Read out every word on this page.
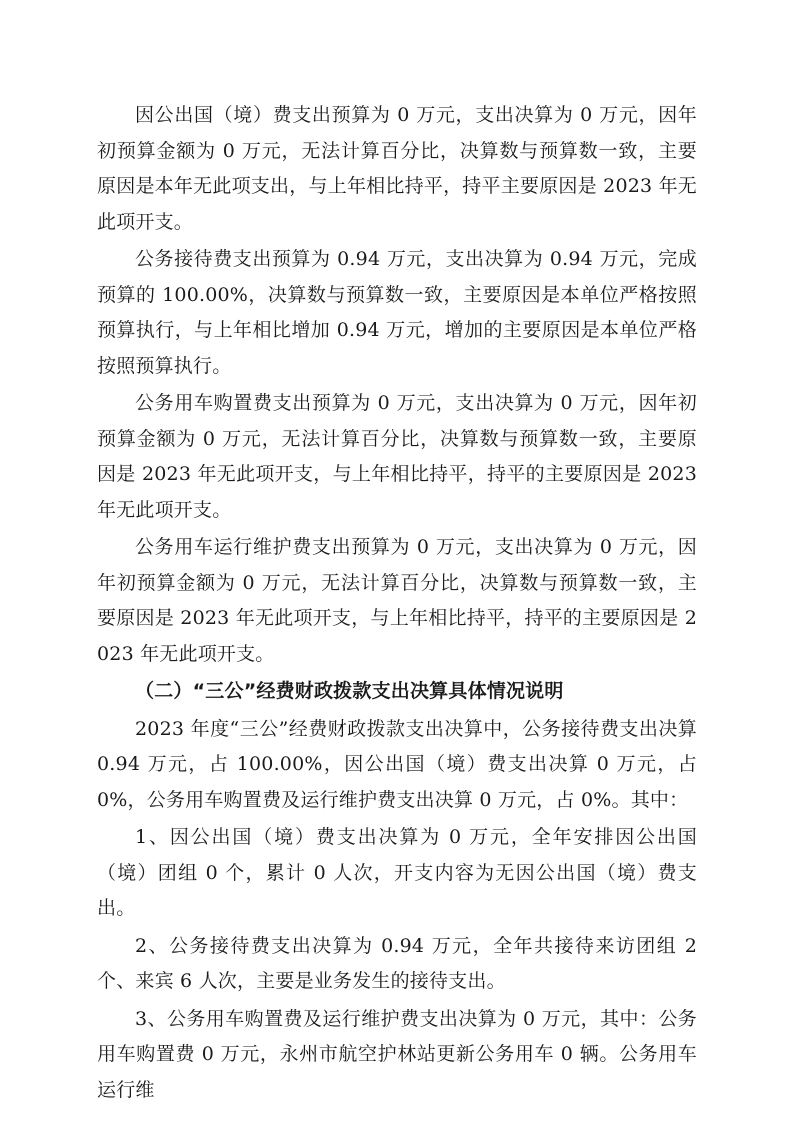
因公出国（境）费支出预算为 0 万元，支出决算为 0 万元，因年初预算金额为 0 万元，无法计算百分比，决算数与预算数一致，主要原因是本年无此项支出，与上年相比持平，持平主要原因是 2023 年无此项开支。

公务接待费支出预算为 0.94 万元，支出决算为 0.94 万元，完成预算的 100.00%，决算数与预算数一致，主要原因是本单位严格按照预算执行，与上年相比增加 0.94 万元，增加的主要原因是本单位严格按照预算执行。

公务用车购置费支出预算为 0 万元，支出决算为 0 万元，因年初预算金额为 0 万元，无法计算百分比，决算数与预算数一致，主要原因是 2023 年无此项开支，与上年相比持平，持平的主要原因是 2023 年无此项开支。

公务用车运行维护费支出预算为 0 万元，支出决算为 0 万元，因年初预算金额为 0 万元，无法计算百分比，决算数与预算数一致，主要原因是 2023 年无此项开支，与上年相比持平，持平的主要原因是 2023 年无此项开支。

（二）“三公”经费财政拨款支出决算具体情况说明

2023 年度“三公”经费财政拨款支出决算中，公务接待费支出决算 0.94 万元，占 100.00%，因公出国（境）费支出决算 0 万元，占 0%，公务用车购置费及运行维护费支出决算 0 万元，占 0%。其中：

1、因公出国（境）费支出决算为 0 万元，全年安排因公出国（境）团组 0 个，累计 0 人次，开支内容为无因公出国（境）费支出。

2、公务接待费支出决算为 0.94 万元，全年共接待来访团组 2 个、来宾 6 人次，主要是业务发生的接待支出。

3、公务用车购置费及运行维护费支出决算为 0 万元，其中：公务用车购置费 0 万元，永州市航空护林站更新公务用车 0 辆。公务用车运行维
